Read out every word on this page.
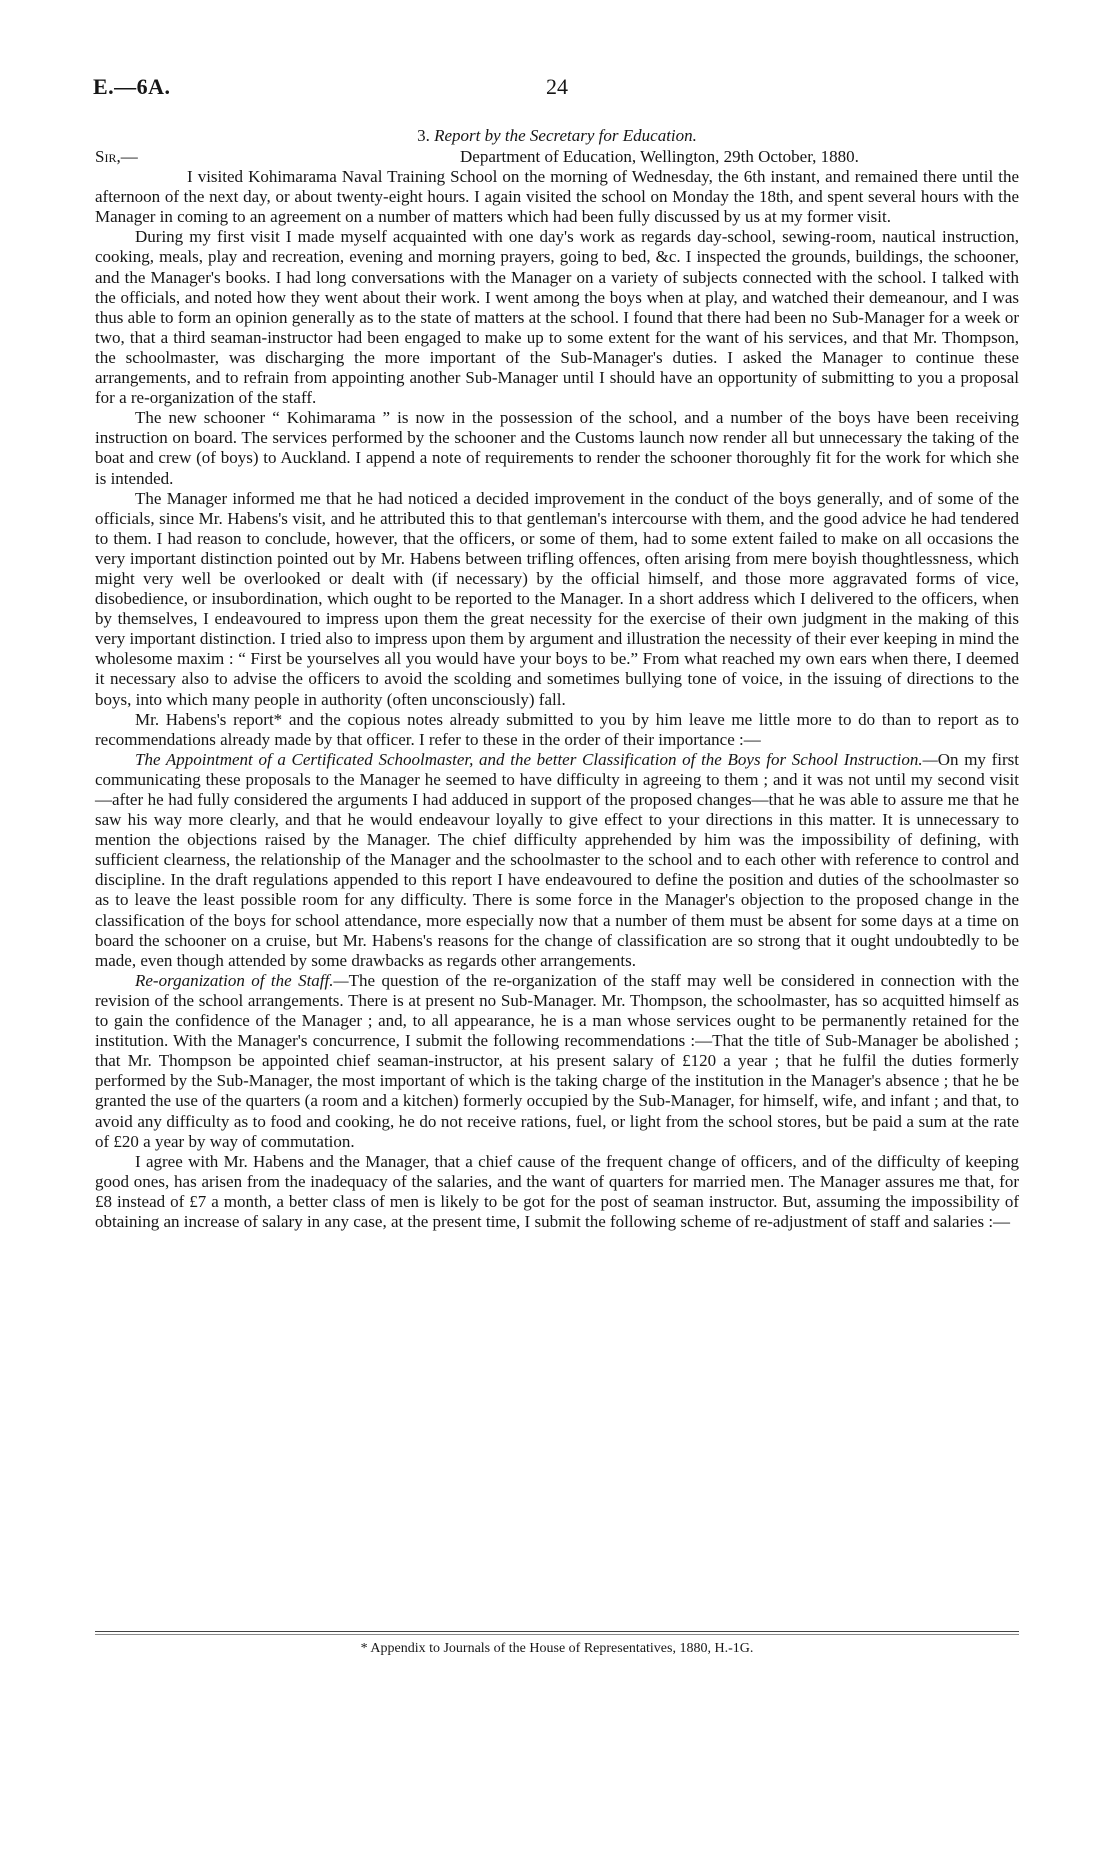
E.—6A.	24
3. Report by the Secretary for Education.
Sir,—	Department of Education, Wellington, 29th October, 1880.

I visited Kohimarama Naval Training School on the morning of Wednesday, the 6th instant, and remained there until the afternoon of the next day, or about twenty-eight hours. I again visited the school on Monday the 18th, and spent several hours with the Manager in coming to an agreement on a number of matters which had been fully discussed by us at my former visit.

During my first visit I made myself acquainted with one day's work as regards day-school, sewing-room, nautical instruction, cooking, meals, play and recreation, evening and morning prayers, going to bed, &c. I inspected the grounds, buildings, the schooner, and the Manager's books. I had long conversations with the Manager on a variety of subjects connected with the school. I talked with the officials, and noted how they went about their work. I went among the boys when at play, and watched their demeanour, and I was thus able to form an opinion generally as to the state of matters at the school. I found that there had been no Sub-Manager for a week or two, that a third seaman-instructor had been engaged to make up to some extent for the want of his services, and that Mr. Thompson, the schoolmaster, was discharging the more important of the Sub-Manager's duties. I asked the Manager to continue these arrangements, and to refrain from appointing another Sub-Manager until I should have an opportunity of submitting to you a proposal for a re-organization of the staff.

The new schooner “ Kohimarama ” is now in the possession of the school, and a number of the boys have been receiving instruction on board. The services performed by the schooner and the Customs launch now render all but unnecessary the taking of the boat and crew (of boys) to Auckland. I append a note of requirements to render the schooner thoroughly fit for the work for which she is intended.

The Manager informed me that he had noticed a decided improvement in the conduct of the boys generally, and of some of the officials, since Mr. Habens's visit, and he attributed this to that gentleman's intercourse with them, and the good advice he had tendered to them. I had reason to conclude, however, that the officers, or some of them, had to some extent failed to make on all occasions the very important distinction pointed out by Mr. Habens between trifling offences, often arising from mere boyish thoughtlessness, which might very well be overlooked or dealt with (if necessary) by the official himself, and those more aggravated forms of vice, disobedience, or insubordination, which ought to be reported to the Manager. In a short address which I delivered to the officers, when by themselves, I endeavoured to impress upon them the great necessity for the exercise of their own judgment in the making of this very important distinction. I tried also to impress upon them by argument and illustration the necessity of their ever keeping in mind the wholesome maxim : “ First be yourselves all you would have your boys to be.” From what reached my own ears when there, I deemed it necessary also to advise the officers to avoid the scolding and sometimes bullying tone of voice, in the issuing of directions to the boys, into which many people in authority (often unconsciously) fall.

Mr. Habens's report* and the copious notes already submitted to you by him leave me little more to do than to report as to recommendations already made by that officer. I refer to these in the order of their importance :—

The Appointment of a Certificated Schoolmaster, and the better Classification of the Boys for School Instruction.—On my first communicating these proposals to the Manager he seemed to have difficulty in agreeing to them ; and it was not until my second visit—after he had fully considered the arguments I had adduced in support of the proposed changes—that he was able to assure me that he saw his way more clearly, and that he would endeavour loyally to give effect to your directions in this matter. It is unnecessary to mention the objections raised by the Manager. The chief difficulty apprehended by him was the impossibility of defining, with sufficient clearness, the relationship of the Manager and the schoolmaster to the school and to each other with reference to control and discipline. In the draft regulations appended to this report I have endeavoured to define the position and duties of the schoolmaster so as to leave the least possible room for any difficulty. There is some force in the Manager's objection to the proposed change in the classification of the boys for school attendance, more especially now that a number of them must be absent for some days at a time on board the schooner on a cruise, but Mr. Habens's reasons for the change of classification are so strong that it ought undoubtedly to be made, even though attended by some drawbacks as regards other arrangements.

Re-organization of the Staff.—The question of the re-organization of the staff may well be considered in connection with the revision of the school arrangements. There is at present no Sub-Manager. Mr. Thompson, the schoolmaster, has so acquitted himself as to gain the confidence of the Manager ; and, to all appearance, he is a man whose services ought to be permanently retained for the institution. With the Manager's concurrence, I submit the following recommendations :—That the title of Sub-Manager be abolished ; that Mr. Thompson be appointed chief seaman-instructor, at his present salary of £120 a year ; that he fulfil the duties formerly performed by the Sub-Manager, the most important of which is the taking charge of the institution in the Manager's absence ; that he be granted the use of the quarters (a room and a kitchen) formerly occupied by the Sub-Manager, for himself, wife, and infant ; and that, to avoid any difficulty as to food and cooking, he do not receive rations, fuel, or light from the school stores, but be paid a sum at the rate of £20 a year by way of commutation.

I agree with Mr. Habens and the Manager, that a chief cause of the frequent change of officers, and of the difficulty of keeping good ones, has arisen from the inadequacy of the salaries, and the want of quarters for married men. The Manager assures me that, for £8 instead of £7 a month, a better class of men is likely to be got for the post of seaman instructor. But, assuming the impossibility of obtaining an increase of salary in any case, at the present time, I submit the following scheme of re-adjustment of staff and salaries :—

* Appendix to Journals of the House of Representatives, 1880, H.-1G.
